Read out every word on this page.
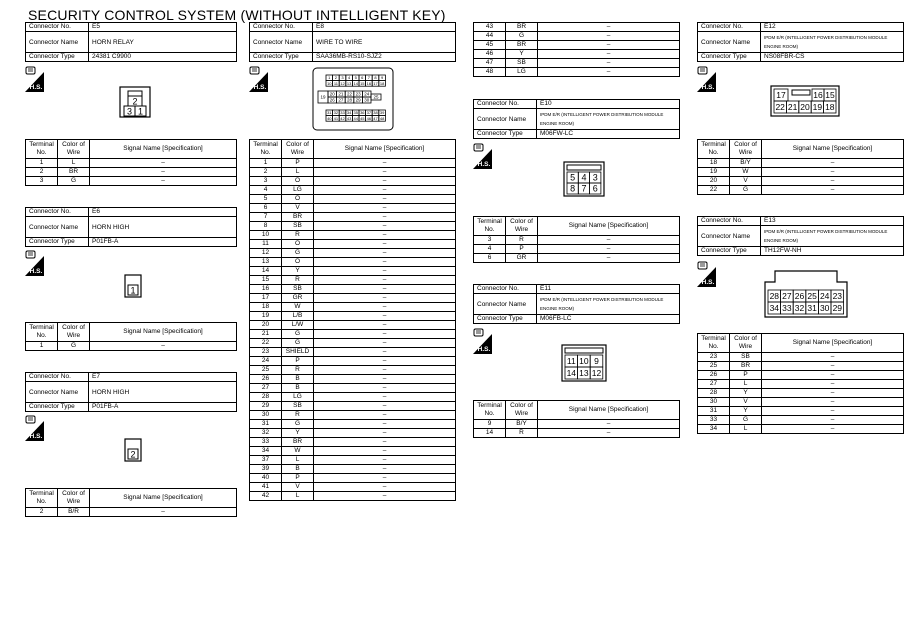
SECURITY CONTROL SYSTEM (WITHOUT INTELLIGENT KEY)
Connector No.	E5
Connector Name	HORN RELAY
Connector Type	24381 C9900
H.S.
2
3 1
Terminal No.	Color of Wire	Signal Name [Specification]
1	L	–
2	BR	–
3	G	–
Connector No.	E6
Connector Name	HORN HIGH
Connector Type	P01FB-A
H.S.
1
Terminal No.	Color of Wire	Signal Name [Specification]
1	G	–
Connector No.	E7
Connector Name	HORN HIGH
Connector Type	P01FB-A
H.S.
2
Terminal No.	Color of Wire	Signal Name [Specification]
2	B/R	–
Connector No.	E8
Connector Name	WIRE TO WIRE
Connector Type	SAA36MB-RS10-SJZ2
H.S.
1 2 3 4 5 6 7 8 9
10 11 12 13 14 15 16 17 18
19
20 21 22 23 24
25
26 27 28 29 30
31 32 33 34 35 36 37 38 39
40 41 42 43 44 45 46 47 48
Terminal No.	Color of Wire	Signal Name [Specification]
1	P	–
2	L	–
3	O	–
4	LG	–
5	O	–
6	V	–
7	BR	–
8	SB	–
10	R	–
11	O	–
12	G	–
13	O	–
14	Y	–
15	R	–
16	SB	–
17	GR	–
18	W	–
19	L/B	–
20	L/W	–
21	G	–
22	G	–
23	SHIELD	–
24	P	–
25	R	–
26	B	–
27	B	–
28	LG	–
29	SB	–
30	R	–
31	G	–
32	Y	–
33	BR	–
34	W	–
37	L	–
39	B	–
40	P	–
41	V	–
42	L	–
43	BR	–
44	G	–
45	BR	–
46	Y	–
47	SB	–
48	LG	–
Connector No.	E10
Connector Name	IPDM E/R (INTELLIGENT POWER DISTRIBUTION MODULE ENGINE ROOM)
Connector Type	M06FW-LC
H.S.
5 4 3
8 7 6
Terminal No.	Color of Wire	Signal Name [Specification]
3	R	–
4	P	–
6	GR	–
Connector No.	E11
Connector Name	IPDM E/R (INTELLIGENT POWER DISTRIBUTION MODULE ENGINE ROOM)
Connector Type	M06FB-LC
H.S.
11 10 9
14 13 12
Terminal No.	Color of Wire	Signal Name [Specification]
9	B/Y	–
14	R	–
Connector No.	E12
Connector Name	IPDM E/R (INTELLIGENT POWER DISTRIBUTION MODULE ENGINE ROOM)
Connector Type	NS08FBR-CS
H.S.
17	16 15
22 21 20 19 18
Terminal No.	Color of Wire	Signal Name [Specification]
18	B/Y	–
19	W	–
20	V	–
22	G	–
Connector No.	E13
Connector Name	IPDM E/R (INTELLIGENT POWER DISTRIBUTION MODULE ENGINE ROOM)
Connector Type	TH12FW-NH
H.S.
28 27 26 25 24 23
34 33 32 31 30 29
Terminal No.	Color of Wire	Signal Name [Specification]
23	SB	–
25	BR	–
26	P	–
27	L	–
28	Y	–
30	V	–
31	Y	–
33	G	–
34	L	–
